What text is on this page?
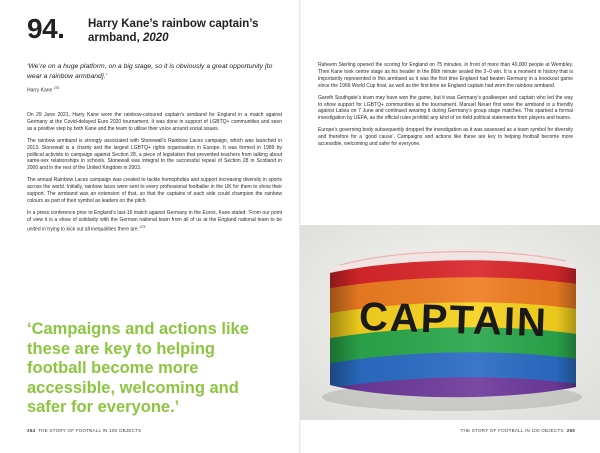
94. Harry Kane’s rainbow captain’s armband, 2020
‘We’re on a huge platform, on a big stage, so it is obviously a great opportunity [to wear a rainbow armband].’
Harry Kane $^{278}$

On 29 June 2021, Harry Kane wore the rainbow-coloured captain’s armband for England in a match against Germany at the Covid-delayed Euro 2020 tournament. It was done in support of LGBTQ+ communities and seen as a positive step by both Kane and the team to utilise their voice around social issues.

The rainbow armband is strongly associated with Stonewall’s Rainbow Laces campaign, which was launched in 2013. Stonewall is a charity and the largest LGBTQ+ rights organisation in Europe. It was formed in 1989 by political activists to campaign against Section 28, a piece of legislation that prevented teachers from talking about same-sex relationships in schools. Stonewall was integral to the successful repeal of Section 28 in Scotland in 2000 and in the rest of the United Kingdom in 2003.

The annual Rainbow Laces campaign was created to tackle homophobia and support increasing diversity in sports across the world. Initially, rainbow laces were sent to every professional footballer in the UK for them to show their support. The armband was an extension of that, so that the captains of each side could champion the rainbow colours as part of their symbol as leaders on the pitch.

In a press conference prior to England’s last-16 match against Germany in the Euros, Kane stated: ‘From our point of view it is a show of solidarity with the German national team from all of us at the England national team to be united in trying to kick out all inequalities there are.’$^{279}$

‘Campaigns and actions like these are key to helping football become more accessible, welcoming and safer for everyone.’
254 THE STORY OF FOOTBALL IN 100 OBJECTS

Raheem Sterling opened the scoring for England on 75 minutes, in front of more than 40,000 people at Wembley. Then Kane took centre stage as his header in the 86th minute sealed the 2–0 win. It is a moment in history that is importantly represented in this armband as it was the first time England had beaten Germany in a knockout game since the 1966 World Cup final, as well as the first time an England captain had worn the rainbow armband.

Gareth Southgate’s team may have won the game, but it was Germany’s goalkeeper and captain who led the way to show support for LGBTQ+ communities at the tournament. Manuel Neuer first wore the armband in a friendly against Latvia on 7 June and continued wearing it during Germany’s group stage matches. This sparked a formal investigation by UEFA, as the official rules prohibit any kind of on-field political statements from players and teams.

Europe’s governing body subsequently dropped the investigation as it was assessed as a team symbol for diversity and therefore for a ‘good cause’. Campaigns and actions like these are key to helping football become more accessible, welcoming and safer for everyone.

CAPTAIN
THE STORY OF FOOTBALL IN 100 OBJECTS 255
